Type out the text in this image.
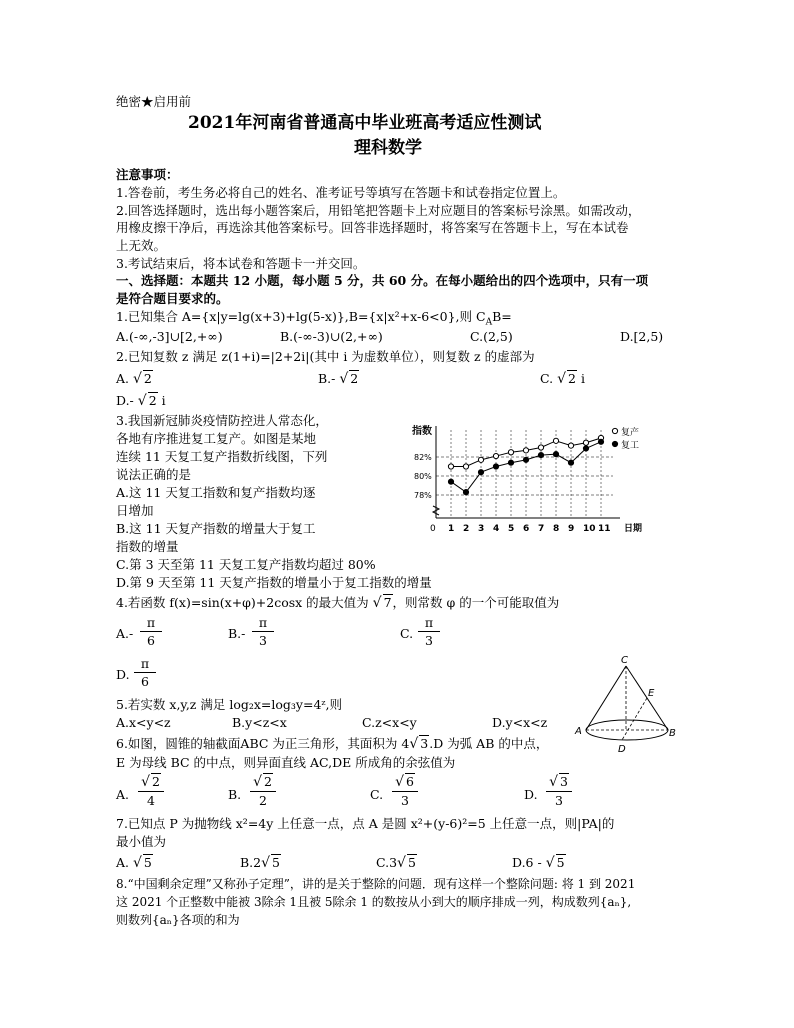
绝密★启用前
2021年河南省普通高中毕业班高考适应性测试
理科数学
注意事项：
1.答卷前，考生务必将自己的姓名、准考证号等填写在答题卡和试卷指定位置上。
2.回答选择题时，选出每小题答案后，用铅笔把答题卡上对应题目的答案标号涂黑。如需改动，
用橡皮擦干净后，再选涂其他答案标号。回答非选择题时，将答案写在答题卡上，写在本试卷
上无效。
3.考试结束后，将本试卷和答题卡一并交回。
一、选择题：本题共 12 小题，每小题 5 分，共 60 分。在每小题给出的四个选项中，只有一项
是符合题目要求的。
1.已知集合 A={x|y=lg(x+3)+lg(5-x)},B={x|x²+x-6<0},则 $C_AB=$
A.(-∞,-3]∪[2,+∞)	B.(-∞-3)∪(2,+∞)	C.(2,5)	D.[2,5)
2.已知复数 z 满足 z(1+i)=|2+2i|(其中 i 为虚数单位），则复数 z 的虚部为
A. √ 2	B.- √ 2	C. √ 2 i
D.- √ 2 i
3.我国新冠肺炎疫情防控进人常态化，
各地有序推进复工复产。如图是某地
连续 11 天复工复产指数折线图，下列
说法正确的是
A.这 11 天复工指数和复产指数均逐
日增加
B.这 11 天复产指数的增量大于复工
指数的增量
C.第 3 天至第 11 天复工复产指数均超过 80%
D.第 9 天至第 11 天复产指数的增量小于复工指数的增量
指数
日期
0
复产
复工
78%
80%
82%
1 2 3 4 5 6 7 8 9 10 11
4.若函数 f(x)=sin(x+φ)+2cosx 的最大值为 √ 7，则常数 φ 的一个可能取值为
$A.- \frac{\pi}{6}$	$B.- \frac{\pi}{3}$	C. $\frac{\pi}{3}$
D. $\frac{\pi}{6}$
5.若实数 x,y,z 满足 log₂x=log₃y=4ᶻ,则
A.x<y<z	B.y<z<x	C.z<x<y	D.y<x<z
C
E
A	B
D
6.如图，圆锥的轴截面ABC 为正三角形，其面积为 4√ 3.D 为弧 AB 的中点，
E 为母线 BC 的中点，则异面直线 AC,DE 所成角的余弦值为
A. $\frac{√ 2}{4}$	B. $\frac{√ 2}{2}$	C. $\frac{√ 6}{3}$	D. $\frac{√ 3}{3}$
7.已知点 P 为抛物线 x²=4y 上任意一点，点 A 是圆 x²+(y-6)²=5 上任意一点，则|PA|的
最小值为
A. √ 5	B.2√ 5	C.3√ 5	D.6 - √ 5
8.“中国剩余定理”又称孙子定理”，讲的是关于整除的问题．现有这样一个整除问题: 将 1 到 2021
这 2021 个正整数中能被 3除余 1且被 5除余 1 的数按从小到大的顺序排成一列，构成数列{aₙ},
则数列{aₙ}各项的和为
